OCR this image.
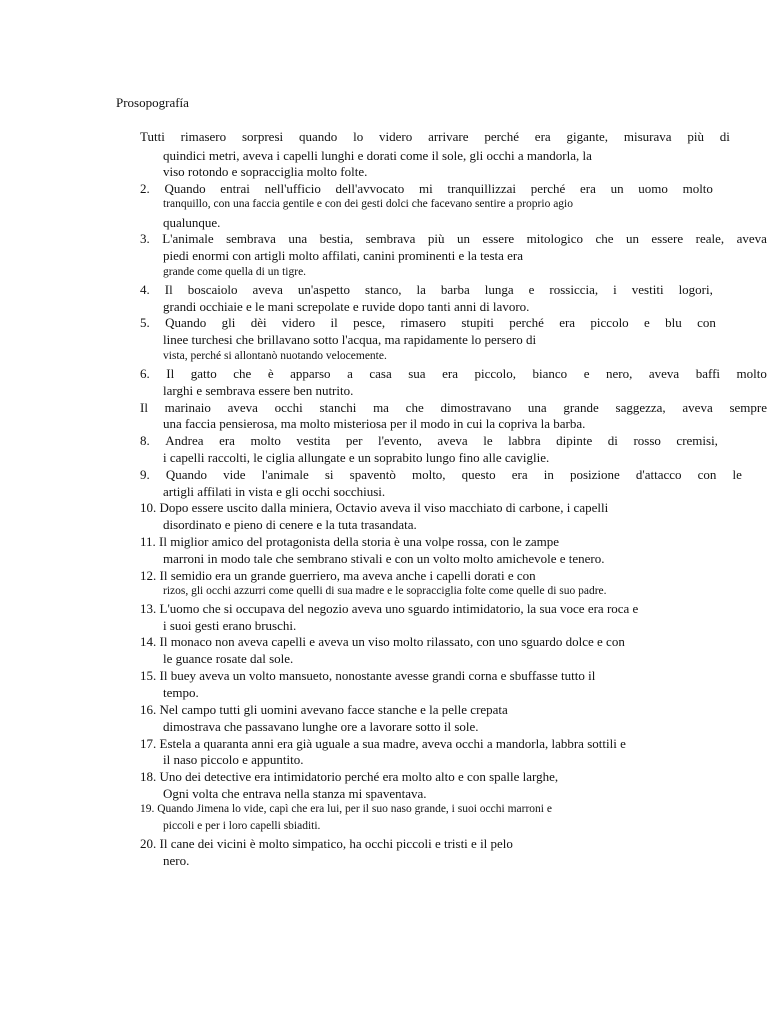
Prosopografía
Tutti rimasero sorpresi quando lo videro arrivare perché era gigante, misurava più di
quindici metri, aveva i capelli lunghi e dorati come il sole, gli occhi a mandorla, la
viso rotondo e sopracciglia molto folte.
2. Quando entrai nell'ufficio dell'avvocato mi tranquillizzai perché era un uomo molto
tranquillo, con una faccia gentile e con dei gesti dolci che facevano sentire a proprio agio
qualunque.
3. L'animale sembrava una bestia, sembrava più un essere mitologico che un essere reale, aveva
piedi enormi con artigli molto affilati, canini prominenti e la testa era
grande come quella di un tigre.
4. Il boscaiolo aveva un'aspetto stanco, la barba lunga e rossiccia, i vestiti logori,
grandi occhiaie e le mani screpolate e ruvide dopo tanti anni di lavoro.
5. Quando gli dèi videro il pesce, rimasero stupiti perché era piccolo e blu con
linee turchesi che brillavano sotto l'acqua, ma rapidamente lo persero di
vista, perché si allontanò nuotando velocemente.
6. Il gatto che è apparso a casa sua era piccolo, bianco e nero, aveva baffi molto
larghi e sembrava essere ben nutrito.
Il marinaio aveva occhi stanchi ma che dimostravano una grande saggezza, aveva sempre
una faccia pensierosa, ma molto misteriosa per il modo in cui la copriva la barba.
8. Andrea era molto vestita per l'evento, aveva le labbra dipinte di rosso cremisi,
i capelli raccolti, le ciglia allungate e un soprabito lungo fino alle caviglie.
9. Quando vide l'animale si spaventò molto, questo era in posizione d'attacco con le
artigli affilati in vista e gli occhi socchiusi.
10. Dopo essere uscito dalla miniera, Octavio aveva il viso macchiato di carbone, i capelli
disordinato e pieno di cenere e la tuta trasandata.
11. Il miglior amico del protagonista della storia è una volpe rossa, con le zampe
marroni in modo tale che sembrano stivali e con un volto molto amichevole e tenero.
12. Il semidio era un grande guerriero, ma aveva anche i capelli dorati e con
rizos, gli occhi azzurri come quelli di sua madre e le sopracciglia folte come quelle di suo padre.
13. L'uomo che si occupava del negozio aveva uno sguardo intimidatorio, la sua voce era roca e
i suoi gesti erano bruschi.
14. Il monaco non aveva capelli e aveva un viso molto rilassato, con uno sguardo dolce e con
le guance rosate dal sole.
15. Il buey aveva un volto mansueto, nonostante avesse grandi corna e sbuffasse tutto il
tempo.
16. Nel campo tutti gli uomini avevano facce stanche e la pelle crepata
dimostrava che passavano lunghe ore a lavorare sotto il sole.
17. Estela a quaranta anni era già uguale a sua madre, aveva occhi a mandorla, labbra sottili e
il naso piccolo e appuntito.
18. Uno dei detective era intimidatorio perché era molto alto e con spalle larghe,
Ogni volta che entrava nella stanza mi spaventava.
19. Quando Jimena lo vide, capì che era lui, per il suo naso grande, i suoi occhi marroni e
piccoli e per i loro capelli sbiaditi.
20. Il cane dei vicini è molto simpatico, ha occhi piccoli e tristi e il pelo
nero.
